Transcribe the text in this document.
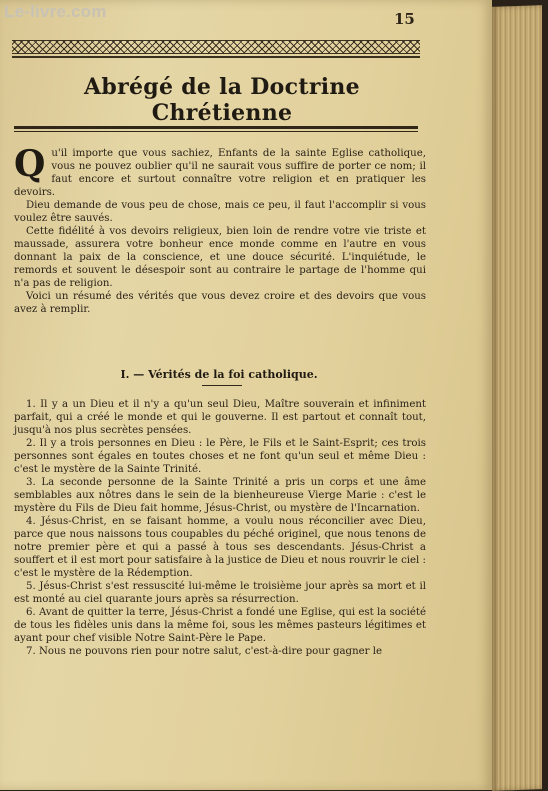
15
Abrégé de la Doctrine Chrétienne
Q u'il importe que vous sachiez, Enfants de la sainte Eglise catholique, vous ne pouvez oublier qu'il ne saurait vous suffire de porter ce nom; il faut encore et surtout connaître votre religion et en pratiquer les devoirs.

Dieu demande de vous peu de chose, mais ce peu, il faut l'accomplir si vous voulez être sauvés.

Cette fidélité à vos devoirs religieux, bien loin de rendre votre vie triste et maussade, assurera votre bonheur ence monde comme en l'autre en vous donnant la paix de la conscience, et une douce sécurité. L'inquiétude, le remords et souvent le désespoir sont au contraire le partage de l'homme qui n'a pas de religion.

Voici un résumé des vérités que vous devez croire et des devoirs que vous avez à remplir.

I. — Vérités de la foi catholique.

1. Il y a un Dieu et il n'y a qu'un seul Dieu, Maître souverain et infiniment parfait, qui a créé le monde et qui le gouverne. Il est partout et connaît tout, jusqu'à nos plus secrètes pensées.

2. Il y a trois personnes en Dieu : le Père, le Fils et le Saint-Esprit; ces trois personnes sont égales en toutes choses et ne font qu'un seul et même Dieu : c'est le mystère de la Sainte Trinité.

3. La seconde personne de la Sainte Trinité a pris un corps et une âme semblables aux nôtres dans le sein de la bienheureuse Vierge Marie : c'est le mystère du Fils de Dieu fait homme, Jésus-Christ, ou mystère de l'Incarnation.

4. Jésus-Christ, en se faisant homme, a voulu nous réconcilier avec Dieu, parce que nous naissons tous coupables du péché originel, que nous tenons de notre premier père et qui a passé à tous ses descendants. Jésus-Christ a souffert et il est mort pour satisfaire à la justice de Dieu et nous rouvrir le ciel : c'est le mystère de la Rédemption.

5. Jésus-Christ s'est ressuscité lui-même le troisième jour après sa mort et il est monté au ciel quarante jours après sa résurrection.

6. Avant de quitter la terre, Jésus-Christ a fondé une Eglise, qui est la société de tous les fidèles unis dans la même foi, sous les mêmes pasteurs légitimes et ayant pour chef visible Notre Saint-Père le Pape.

7. Nous ne pouvons rien pour notre salut, c'est-à-dire pour gagner le

Le-livre.com
